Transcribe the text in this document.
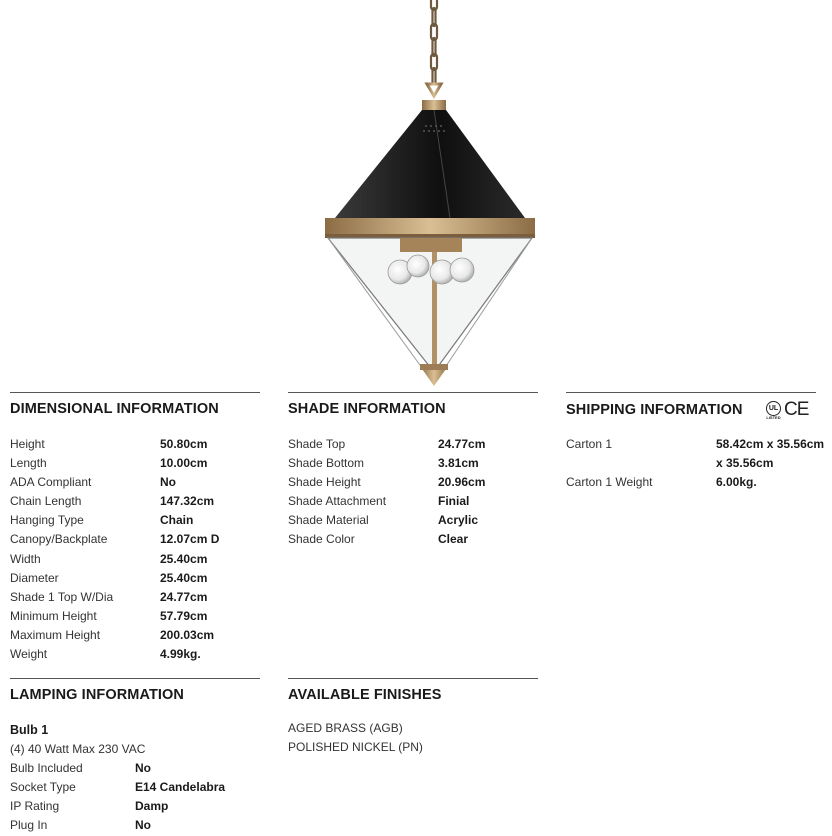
DIMENSIONAL INFORMATION
Height	50.80cm
Length	10.00cm
ADA Compliant	No
Chain Length	147.32cm
Hanging Type	Chain
Canopy/Backplate	12.07cm D
Width	25.40cm
Diameter	25.40cm
Shade 1 Top W/Dia	24.77cm
Minimum Height	57.79cm
Maximum Height	200.03cm
Weight	4.99kg.
SHADE INFORMATION
Shade Top	24.77cm
Shade Bottom	3.81cm
Shade Height	20.96cm
Shade Attachment	Finial
Shade Material	Acrylic
Shade Color	Clear
SHIPPING INFORMATION	UL
LISTED CE
Carton 1	58.42cm x 35.56cm
x 35.56cm
Carton 1 Weight	6.00kg.
LAMPING INFORMATION
Bulb 1
(4) 40 Watt Max 230 VAC
Bulb Included	No
Socket Type	E14 Candelabra
IP Rating	Damp
Plug In	No
AVAILABLE FINISHES
AGED BRASS (AGB)
POLISHED NICKEL (PN)
